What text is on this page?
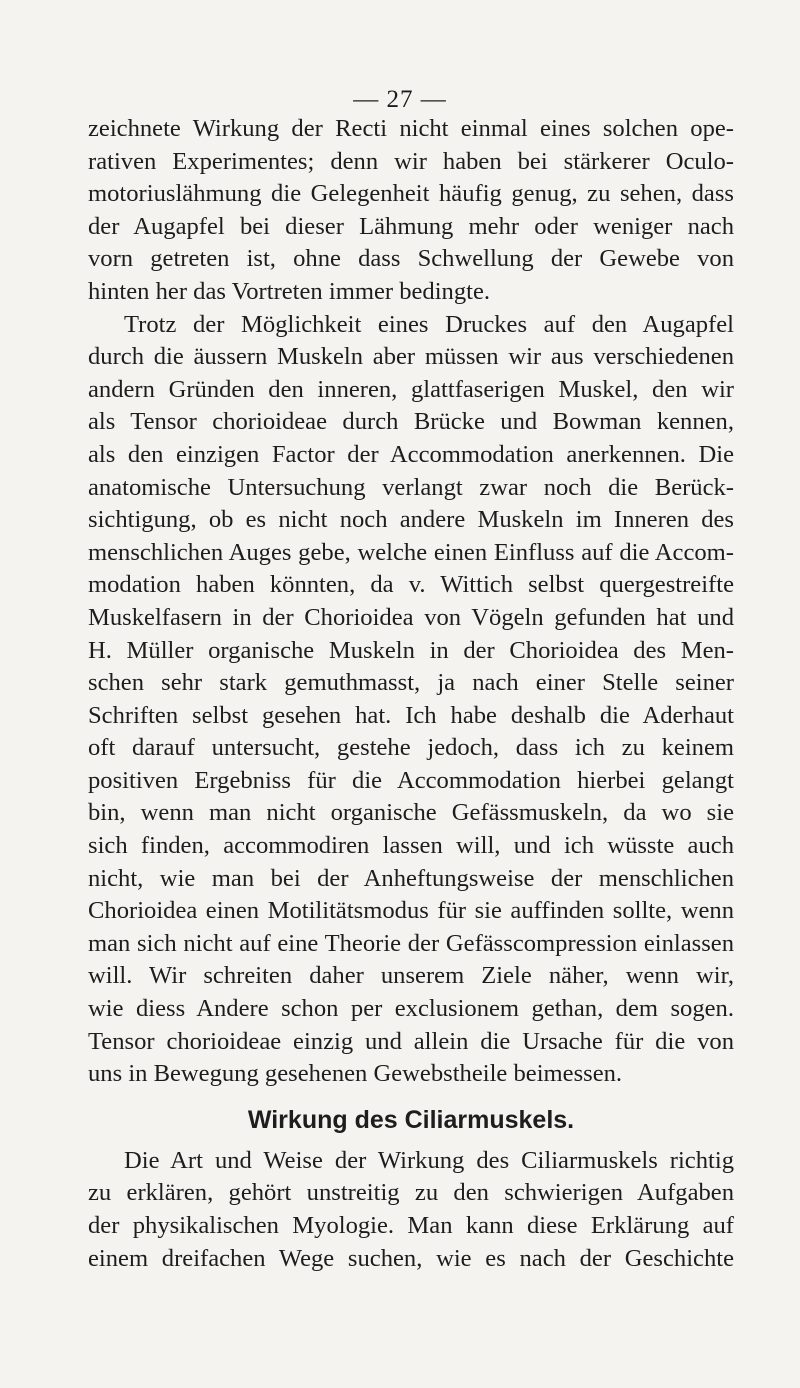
— 27 —
zeichnete Wirkung der Recti nicht einmal eines solchen ope-
rativen Experimentes; denn wir haben bei stärkerer Oculo-
motoriuslähmung die Gelegenheit häufig genug, zu sehen, dass
der Augapfel bei dieser Lähmung mehr oder weniger nach
vorn getreten ist, ohne dass Schwellung der Gewebe von
hinten her das Vortreten immer bedingte.
Trotz der Möglichkeit eines Druckes auf den Augapfel
durch die äussern Muskeln aber müssen wir aus verschiedenen
andern Gründen den inneren, glattfaserigen Muskel, den wir
als Tensor chorioideae durch Brücke und Bowman kennen,
als den einzigen Factor der Accommodation anerkennen. Die
anatomische Untersuchung verlangt zwar noch die Berück-
sichtigung, ob es nicht noch andere Muskeln im Inneren des
menschlichen Auges gebe, welche einen Einfluss auf die Accom-
modation haben könnten, da v. Wittich selbst quergestreifte
Muskelfasern in der Chorioidea von Vögeln gefunden hat und
H. Müller organische Muskeln in der Chorioidea des Men-
schen sehr stark gemuthmasst, ja nach einer Stelle seiner
Schriften selbst gesehen hat. Ich habe deshalb die Aderhaut
oft darauf untersucht, gestehe jedoch, dass ich zu keinem
positiven Ergebniss für die Accommodation hierbei gelangt
bin, wenn man nicht organische Gefässmuskeln, da wo sie
sich finden, accommodiren lassen will, und ich wüsste auch
nicht, wie man bei der Anheftungsweise der menschlichen
Chorioidea einen Motilitätsmodus für sie auffinden sollte, wenn
man sich nicht auf eine Theorie der Gefässcompression einlassen
will. Wir schreiten daher unserem Ziele näher, wenn wir,
wie diess Andere schon per exclusionem gethan, dem sogen.
Tensor chorioideae einzig und allein die Ursache für die von
uns in Bewegung gesehenen Gewebstheile beimessen.
Wirkung des Ciliarmuskels.
Die Art und Weise der Wirkung des Ciliarmuskels richtig
zu erklären, gehört unstreitig zu den schwierigen Aufgaben
der physikalischen Myologie. Man kann diese Erklärung auf
einem dreifachen Wege suchen, wie es nach der Geschichte
